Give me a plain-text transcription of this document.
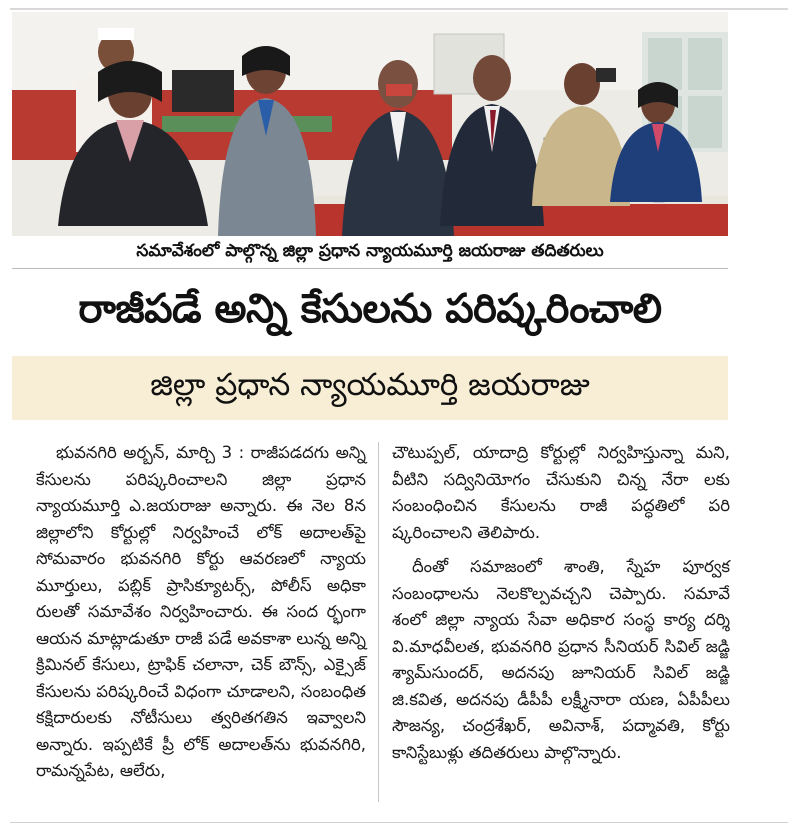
సమావేశంలో పాల్గొన్న జిల్లా ప్రధాన న్యాయమూర్తి జయరాజు తదితరులు
రాజీపడే అన్ని కేసులను పరిష్కరించాలి
జిల్లా ప్రధాన న్యాయమూర్తి జయరాజు

భువనగిరి అర్బన్, మార్చి 3 : రాజీపడదగు అన్ని కేసులను పరిష్కరించాలని జిల్లా ప్రధాన న్యాయమూర్తి ఎ.జయరాజు అన్నారు. ఈ నెల 8న జిల్లాలోని కోర్టుల్లో నిర్వహించే లోక్ అదాలత్‌పై సోమవారం భువనగిరి కోర్టు ఆవరణలో న్యాయ మూర్తులు, పబ్లిక్ ప్రాసిక్యూటర్స్, పోలీస్ అధికా రులతో సమావేశం నిర్వహించారు. ఈ సంద ర్భంగా ఆయన మాట్లాడుతూ రాజీ పడే అవకాశా లున్న అన్ని క్రిమినల్ కేసులు, ట్రాఫిక్ చలానా, చెక్ బౌన్స్, ఎక్సైజ్ కేసులను పరిష్కరించే విధంగా చూడాలని, సంబంధిత కక్షిదారులకు నోటీసులు త్వరితగతిన ఇవ్వాలని అన్నారు. ఇప్పటికే ప్రీ లోక్ అదాలత్‌ను భువనగిరి, రామన్నపేట, ఆలేరు,

చౌటుప్పల్, యాదాద్రి కోర్టుల్లో నిర్వహిస్తున్నా మని, వీటిని సద్వినియోగం చేసుకుని చిన్న నేరా లకు సంబంధించిన కేసులను రాజీ పద్ధతిలో పరి ష్కరించాలని తెలిపారు.

దీంతో సమాజంలో శాంతి, స్నేహ పూర్వక సంబంధాలను నెలకొల్పవచ్చని చెప్పారు. సమావే శంలో జిల్లా న్యాయ సేవా అధికార సంస్థ కార్య దర్శి వి.మాధవీలత, భువనగిరి ప్రధాన సీనియర్ సివిల్ జడ్జి శ్యామ్‌సుందర్, అదనపు జూనియర్ సివిల్ జడ్జి జి.కవిత, అదనపు డీపీపీ లక్ష్మీనారా యణ, ఏపీపీలు సౌజన్య, చంద్రశేఖర్, అవినాశ్, పద్మావతి, కోర్టు కానిస్టేబుళ్లు తదితరులు పాల్గొన్నారు.
